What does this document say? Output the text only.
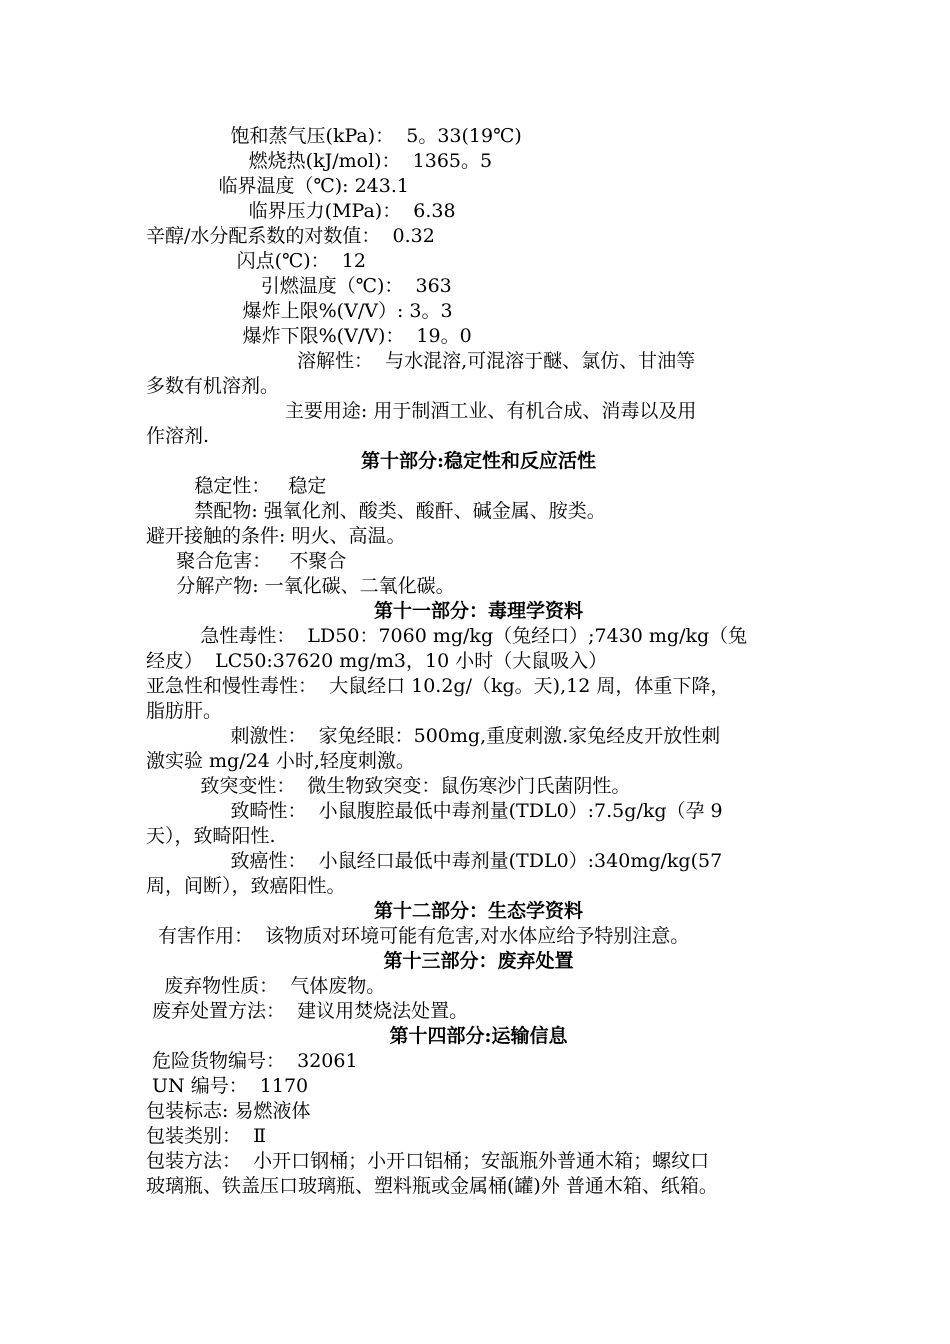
饱和蒸气压(kPa)：  5。33(19℃)
燃烧热(kJ/mol)：  1365。5
临界温度（℃): 243.1
临界压力(MPa)：  6.38
辛醇/水分配系数的对数值：  0.32
闪点(℃)：  12
引燃温度（℃)：  363
爆炸上限%(V/V）: 3。3
爆炸下限%(V/V)：  19。0
溶解性：  与水混溶,可混溶于醚、氯仿、甘油等
多数有机溶剂。
主要用途: 用于制酒工业、有机合成、消毒以及用
作溶剂.
第十部分:稳定性和反应活性
稳定性：   稳定
禁配物: 强氧化剂、酸类、酸酐、碱金属、胺类。
避开接触的条件: 明火、高温。
聚合危害：   不聚合
分解产物: 一氧化碳、二氧化碳。
第十一部分：毒理学资料
急性毒性：  LD50：7060 mg/kg（兔经口）;7430 mg/kg（兔
经皮）  LC50:37620 mg/m3，10 小时（大鼠吸入）
亚急性和慢性毒性：  大鼠经口 10.2g/（kg。天),12 周，体重下降，
脂肪肝。
刺激性：  家兔经眼：500mg,重度刺激.家兔经皮开放性刺
激实验 mg/24 小时,轻度刺激。
致突变性：  微生物致突变：鼠伤寒沙门氏菌阴性。
致畸性：  小鼠腹腔最低中毒剂量(TDL0）:7.5g/kg（孕 9
天），致畸阳性.
致癌性：  小鼠经口最低中毒剂量(TDL0）:340mg/kg(57
周，间断），致癌阳性。
第十二部分：生态学资料
有害作用：  该物质对环境可能有危害,对水体应给予特别注意。
第十三部分：废弃处置
废弃物性质：  气体废物。
废弃处置方法：  建议用焚烧法处置。
第十四部分:运输信息
危险货物编号：  32061
UN 编号：  1170
包装标志: 易燃液体
包装类别：  Ⅱ
包装方法：  小开口钢桶；小开口铝桶；安瓿瓶外普通木箱；螺纹口
玻璃瓶、铁盖压口玻璃瓶、塑料瓶或金属桶(罐)外 普通木箱、纸箱。
